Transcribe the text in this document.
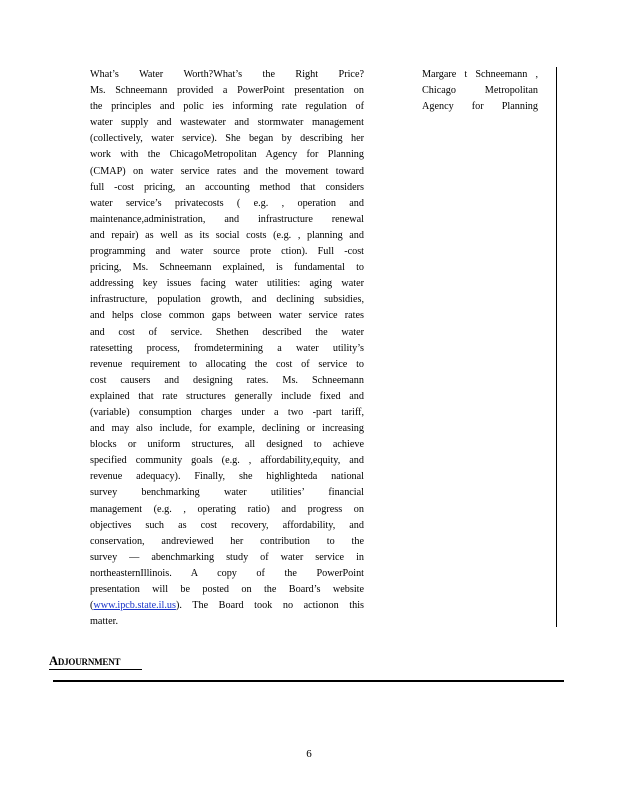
What’s Water Worth?What’s the Right Price?
Ms. Schneemann provided a PowerPoint presentation on
the principles and polic ies informing rate regulation of
water supply and wastewater and stormwater management
(collectively, water service). She began by describing her
work with the ChicagoMetropolitan Agency for Planning
(CMAP) on water service rates and the movement toward
full -cost pricing, an accounting method that considers
water service’s privatecosts ( e.g. , operation and
maintenance,administration, and infrastructure renewal
and repair) as well as its social costs (e.g. , planning and
programming and water source prote ction). Full -cost
pricing, Ms. Schneemann explained, is fundamental to
addressing key issues facing water utilities: aging water
infrastructure, population growth, and declining subsidies,
and helps close common gaps between water service rates
and cost of service. Shethen described the water
ratesetting process, fromdetermining a water utility’s
revenue requirement to allocating the cost of service to
cost causers and designing rates. Ms. Schneemann
explained that rate structures generally include fixed and
(variable) consumption charges under a two -part tariff,
and may also include, for example, declining or increasing
blocks or uniform structures, all designed to achieve
specified community goals (e.g. , affordability,equity, and
revenue adequacy). Finally, she highlighteda national
survey benchmarking water utilities’ financial
management (e.g. , operating ratio) and progress on
objectives such as cost recovery, affordability, and
conservation, andreviewed her contribution to the
survey — abenchmarking study of water service in
northeasternIllinois. A copy of the PowerPoint
presentation will be posted on the Board’s website
(www.ipcb.state.il.us). The Board took no actionon this
matter.
Margare t Schneemann ,
Chicago Metropolitan
Agency for Planning
ADJOURNMENT
6
